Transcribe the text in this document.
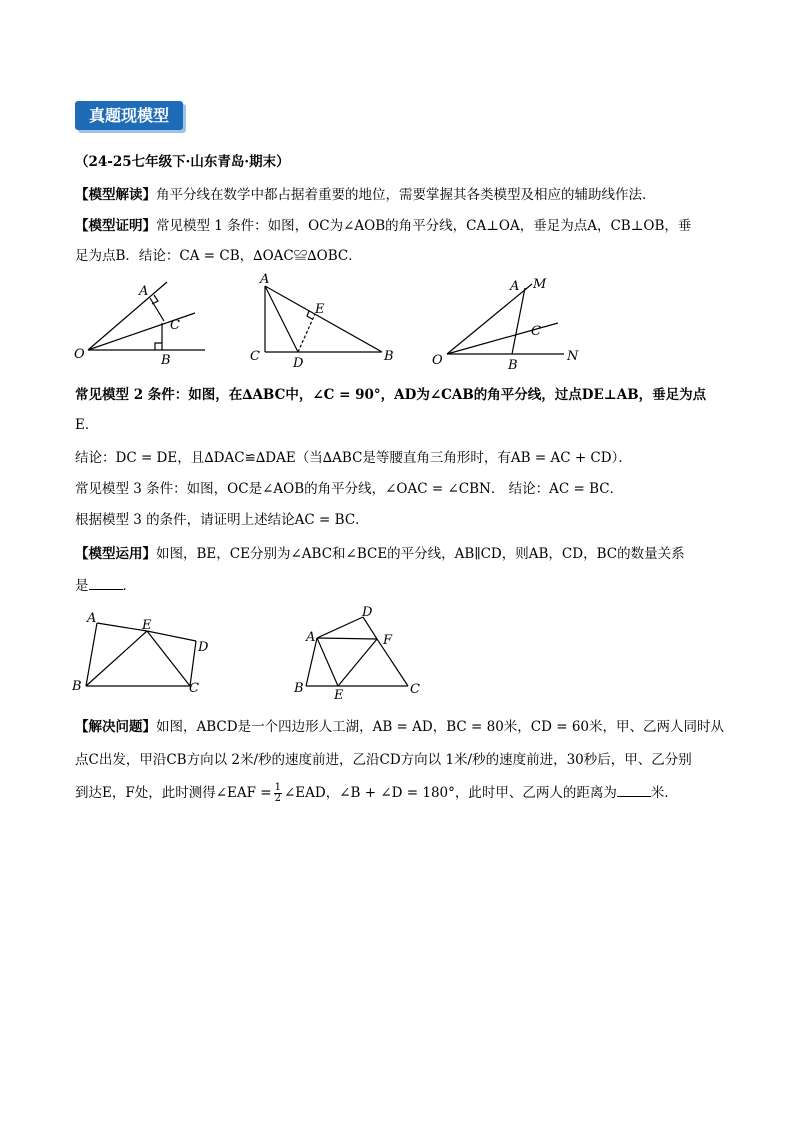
真题现模型
（24-25七年级下·山东青岛·期末）
【模型解读】角平分线在数学中都占据着重要的地位，需要掌握其各类模型及相应的辅助线作法．
【模型证明】常见模型 1 条件：如图，OC为∠AOB的角平分线，CA⊥OA，垂足为点A，CB⊥OB，垂
足为点B．结论：CA = CB，∆OAC≌∆OBC．
O
A
B
C
A
C	D
E
B	O
A M
C
B
N
常见模型 2 条件：如图，在∆ABC中，∠C = 90°，AD为∠CAB的角平分线，过点DE⊥AB，垂足为点
E．
结论：DC = DE，且∆DAC≌∆DAE（当∆ABC是等腰直角三角形时，有AB = AC + CD）．
常见模型 3 条件：如图，OC是∠AOB的角平分线，∠OAC = ∠CBN． 结论：AC = BC．
根据模型 3 的条件，请证明上述结论AC = BC．
【模型运用】如图，BE，CE分别为∠ABC和∠BCE的平分线，AB∥CD，则AB，CD，BC的数量关系
是	．
A	E
D
B	C
A
D
F
B E	C
【解决问题】如图，ABCD是一个四边形人工湖，AB = AD，BC = 80米，CD = 60米，甲、乙两人同时从
点C出发，甲沿CB方向以 2米/秒的速度前进，乙沿CD方向以 1米/秒的速度前进，30秒后，甲、乙分别
到达E，F处，此时测得∠EAF = $\frac{1}{2}$ ∠EAD，∠B + ∠D = 180°，此时甲、乙两人的距离为	米．
